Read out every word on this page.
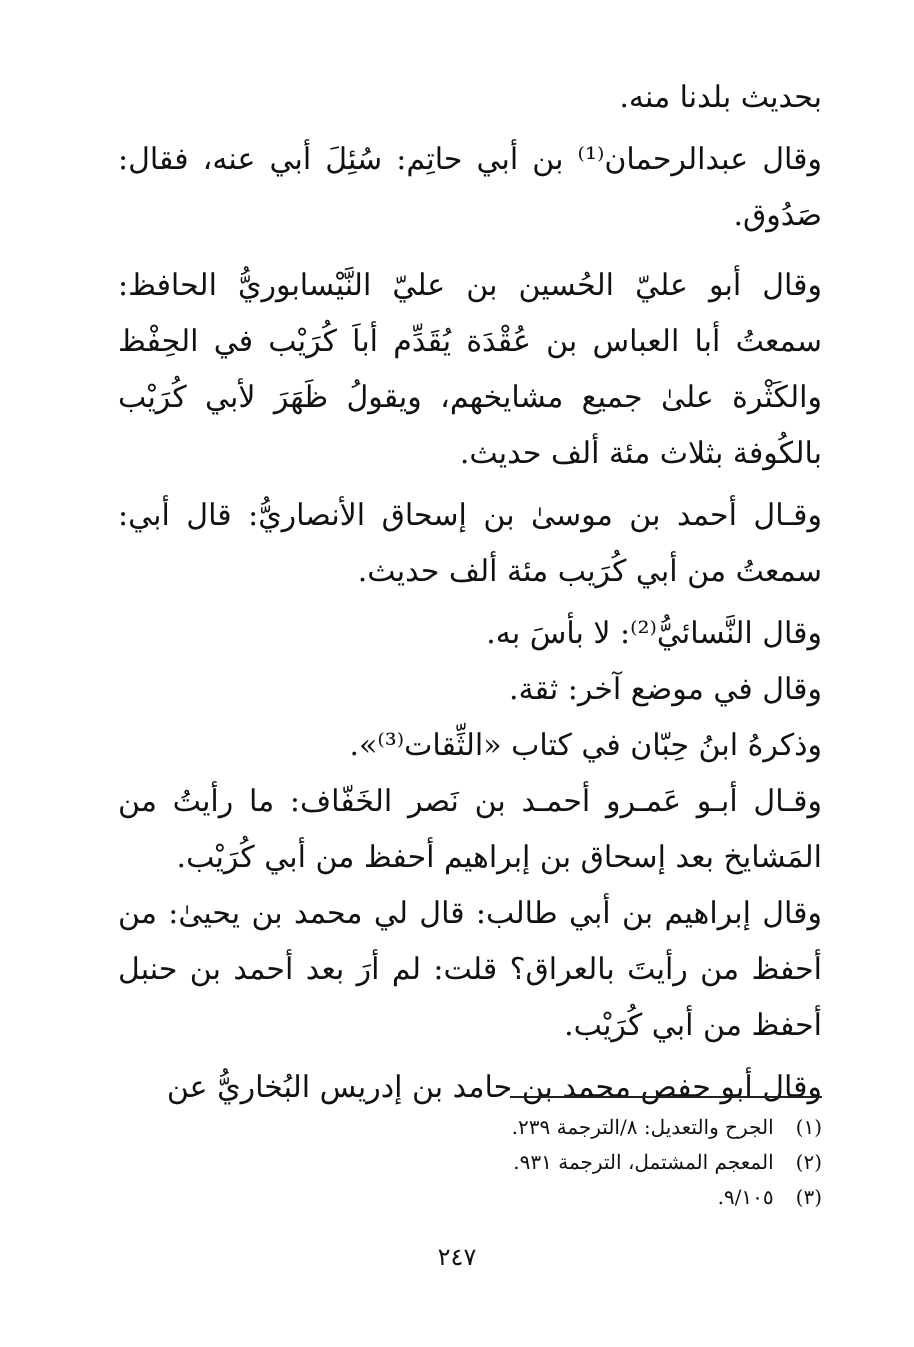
بحديث بلدنا منه.

وقال عبدالرحمان⁽¹⁾ بن أبي حاتِم: سُئِلَ أبي عنه، فقال: صَدُوق.

وقال أبو عليّ الحُسين بن عليّ النَّيْسابوريُّ الحافظ: سمعتُ أبا العباس بن عُقْدَة يُقَدِّم أباَ كُرَيْب في الحِفْظ والكَثْرة علىٰ جميع مشايخهم، ويقولُ ظَهَرَ لأبي كُرَيْب بالكُوفة بثلاث مئة ألف حديث.

وقـال أحمد بن موسىٰ بن إسحاق الأنصاريُّ: قال أبي: سمعتُ من أبي كُرَيب مئة ألف حديث.

وقال النَّسائيُّ⁽²⁾: لا بأسَ به.

وقال في موضع آخر: ثقة.

وذكرهُ ابنُ حِبّان في كتاب «الثِّقات⁽³⁾».

وقـال أبـو عَمـرو أحمـد بن نَصر الخَفّاف: ما رأيتُ من المَشايخ بعد إسحاق بن إبراهيم أحفظ من أبي كُرَيْب.

وقال إبراهيم بن أبي طالب: قال لي محمد بن يحيىٰ: من أحفظ من رأيتَ بالعراق؟ قلت: لم أرَ بعد أحمد بن حنبل أحفظ من أبي كُرَيْب.

وقال أبو حفص محمد بن حامد بن إدريس البُخاريُّ عن

(١) الجرح والتعديل: ٨/الترجمة ٢٣٩.
(٢) المعجم المشتمل، الترجمة ٩٣١.
(٣) ٩/١٠٥.
٢٤٧
